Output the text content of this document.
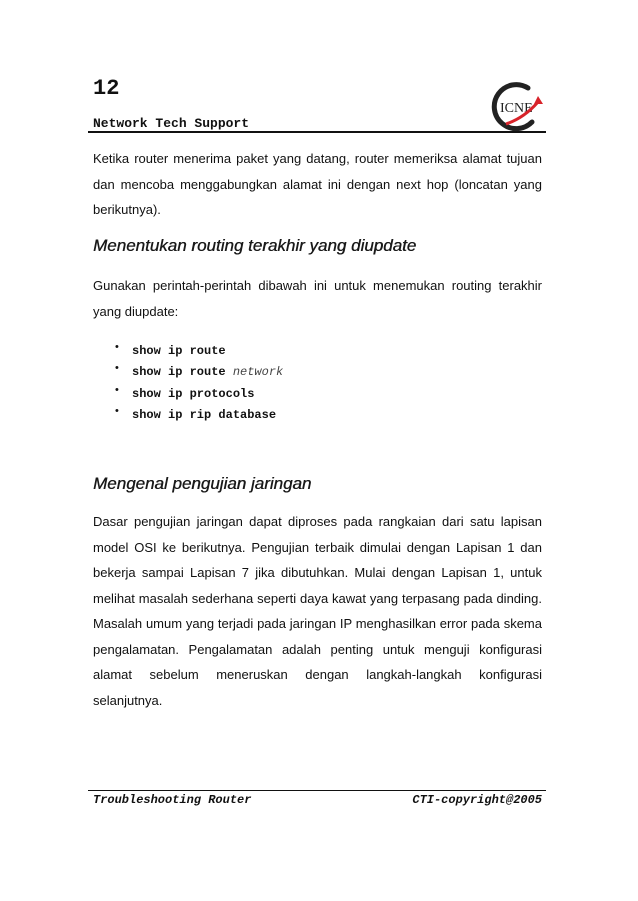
12
Network Tech Support
ICNE

Ketika router menerima paket yang datang, router memeriksa alamat tujuan dan mencoba menggabungkan alamat ini dengan next hop (loncatan yang berikutnya).

Menentukan routing terakhir yang diupdate

Gunakan perintah-perintah dibawah ini untuk menemukan routing terakhir yang diupdate:

• show ip route
• show ip route network
• show ip protocols
• show ip rip database
Mengenal pengujian jaringan

Dasar pengujian jaringan dapat diproses pada rangkaian dari satu lapisan model OSI ke berikutnya. Pengujian terbaik dimulai dengan Lapisan 1 dan bekerja sampai Lapisan 7 jika dibutuhkan. Mulai dengan Lapisan 1, untuk melihat masalah sederhana seperti daya kawat yang terpasang pada dinding. Masalah umum yang terjadi pada jaringan IP menghasilkan error pada skema pengalamatan. Pengalamatan adalah penting untuk menguji konfigurasi alamat sebelum meneruskan dengan langkah-langkah konfigurasi selanjutnya.

Troubleshooting Router	CTI-copyright@2005
